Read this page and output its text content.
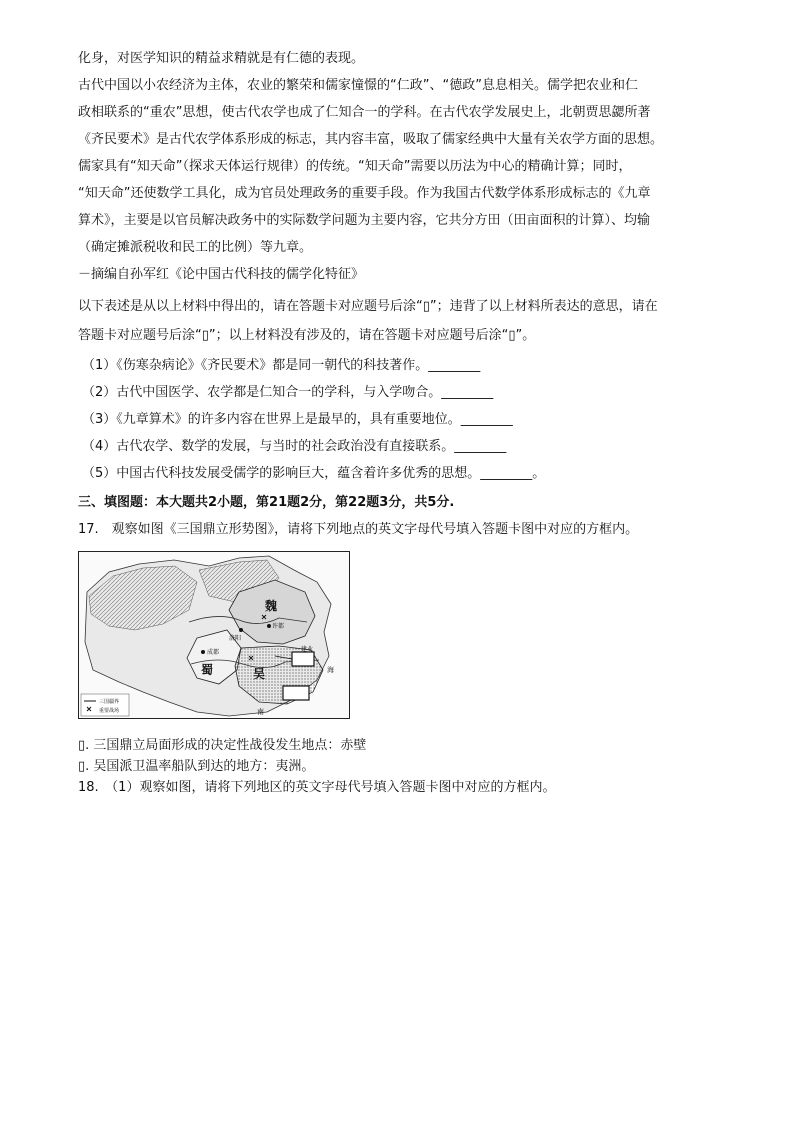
化身，对医学知识的精益求精就是有仁德的表现。
古代中国以小农经济为主体，农业的繁荣和儒家憧憬的“仁政”、“德政”息息相关。儒学把农业和仁
政相联系的“重农”思想，使古代农学也成了仁知合一的学科。在古代农学发展史上，北朝贾思勰所著
《齐民要术》是古代农学体系形成的标志，其内容丰富，吸取了儒家经典中大量有关农学方面的思想。
儒家具有“知天命”（探求天体运行规律）的传统。“知天命”需要以历法为中心的精确计算；同时，
“知天命”还使数学工具化，成为官员处理政务的重要手段。作为我国古代数学体系形成标志的《九章
算术》，主要是以官员解决政务中的实际数学问题为主要内容，它共分方田（田亩面积的计算）、均输
（确定摊派税收和民工的比例）等九章。
－摘编自孙军红《论中国古代科技的儒学化特征》
以下表述是从以上材料中得出的，请在答题卡对应题号后涂“▯”；违背了以上材料所表达的意思，请在
答题卡对应题号后涂“▯”；以上材料没有涉及的，请在答题卡对应题号后涂“▯”。
（1）《伤寒杂病论》《齐民要术》都是同一朝代的科技著作。________
（2）古代中国医学、农学都是仁知合一的学科，与入学吻合。________
（3）《九章算术》的许多内容在世界上是最早的，具有重要地位。________
（4）古代农学、数学的发展，与当时的社会政治没有直接联系。________
（5）中国古代科技发展受儒学的影响巨大，蕴含着许多优秀的思想。________。
三、填图题：本大题共2小题，第21题2分，第22题3分，共5分.
17.　观察如图《三国鼎立形势图》，请将下列地点的英文字母代号填入答题卡图中对应的方框内。
魏
蜀	吴
洛阳
成都
许都
建业
海
南
三国疆界
重要战场
▯. 三国鼎立局面形成的决定性战役发生地点：赤壁
▯. 吴国派卫温率船队到达的地方：夷洲。
18.　（1）观察如图，请将下列地区的英文字母代号填入答题卡图中对应的方框内。
